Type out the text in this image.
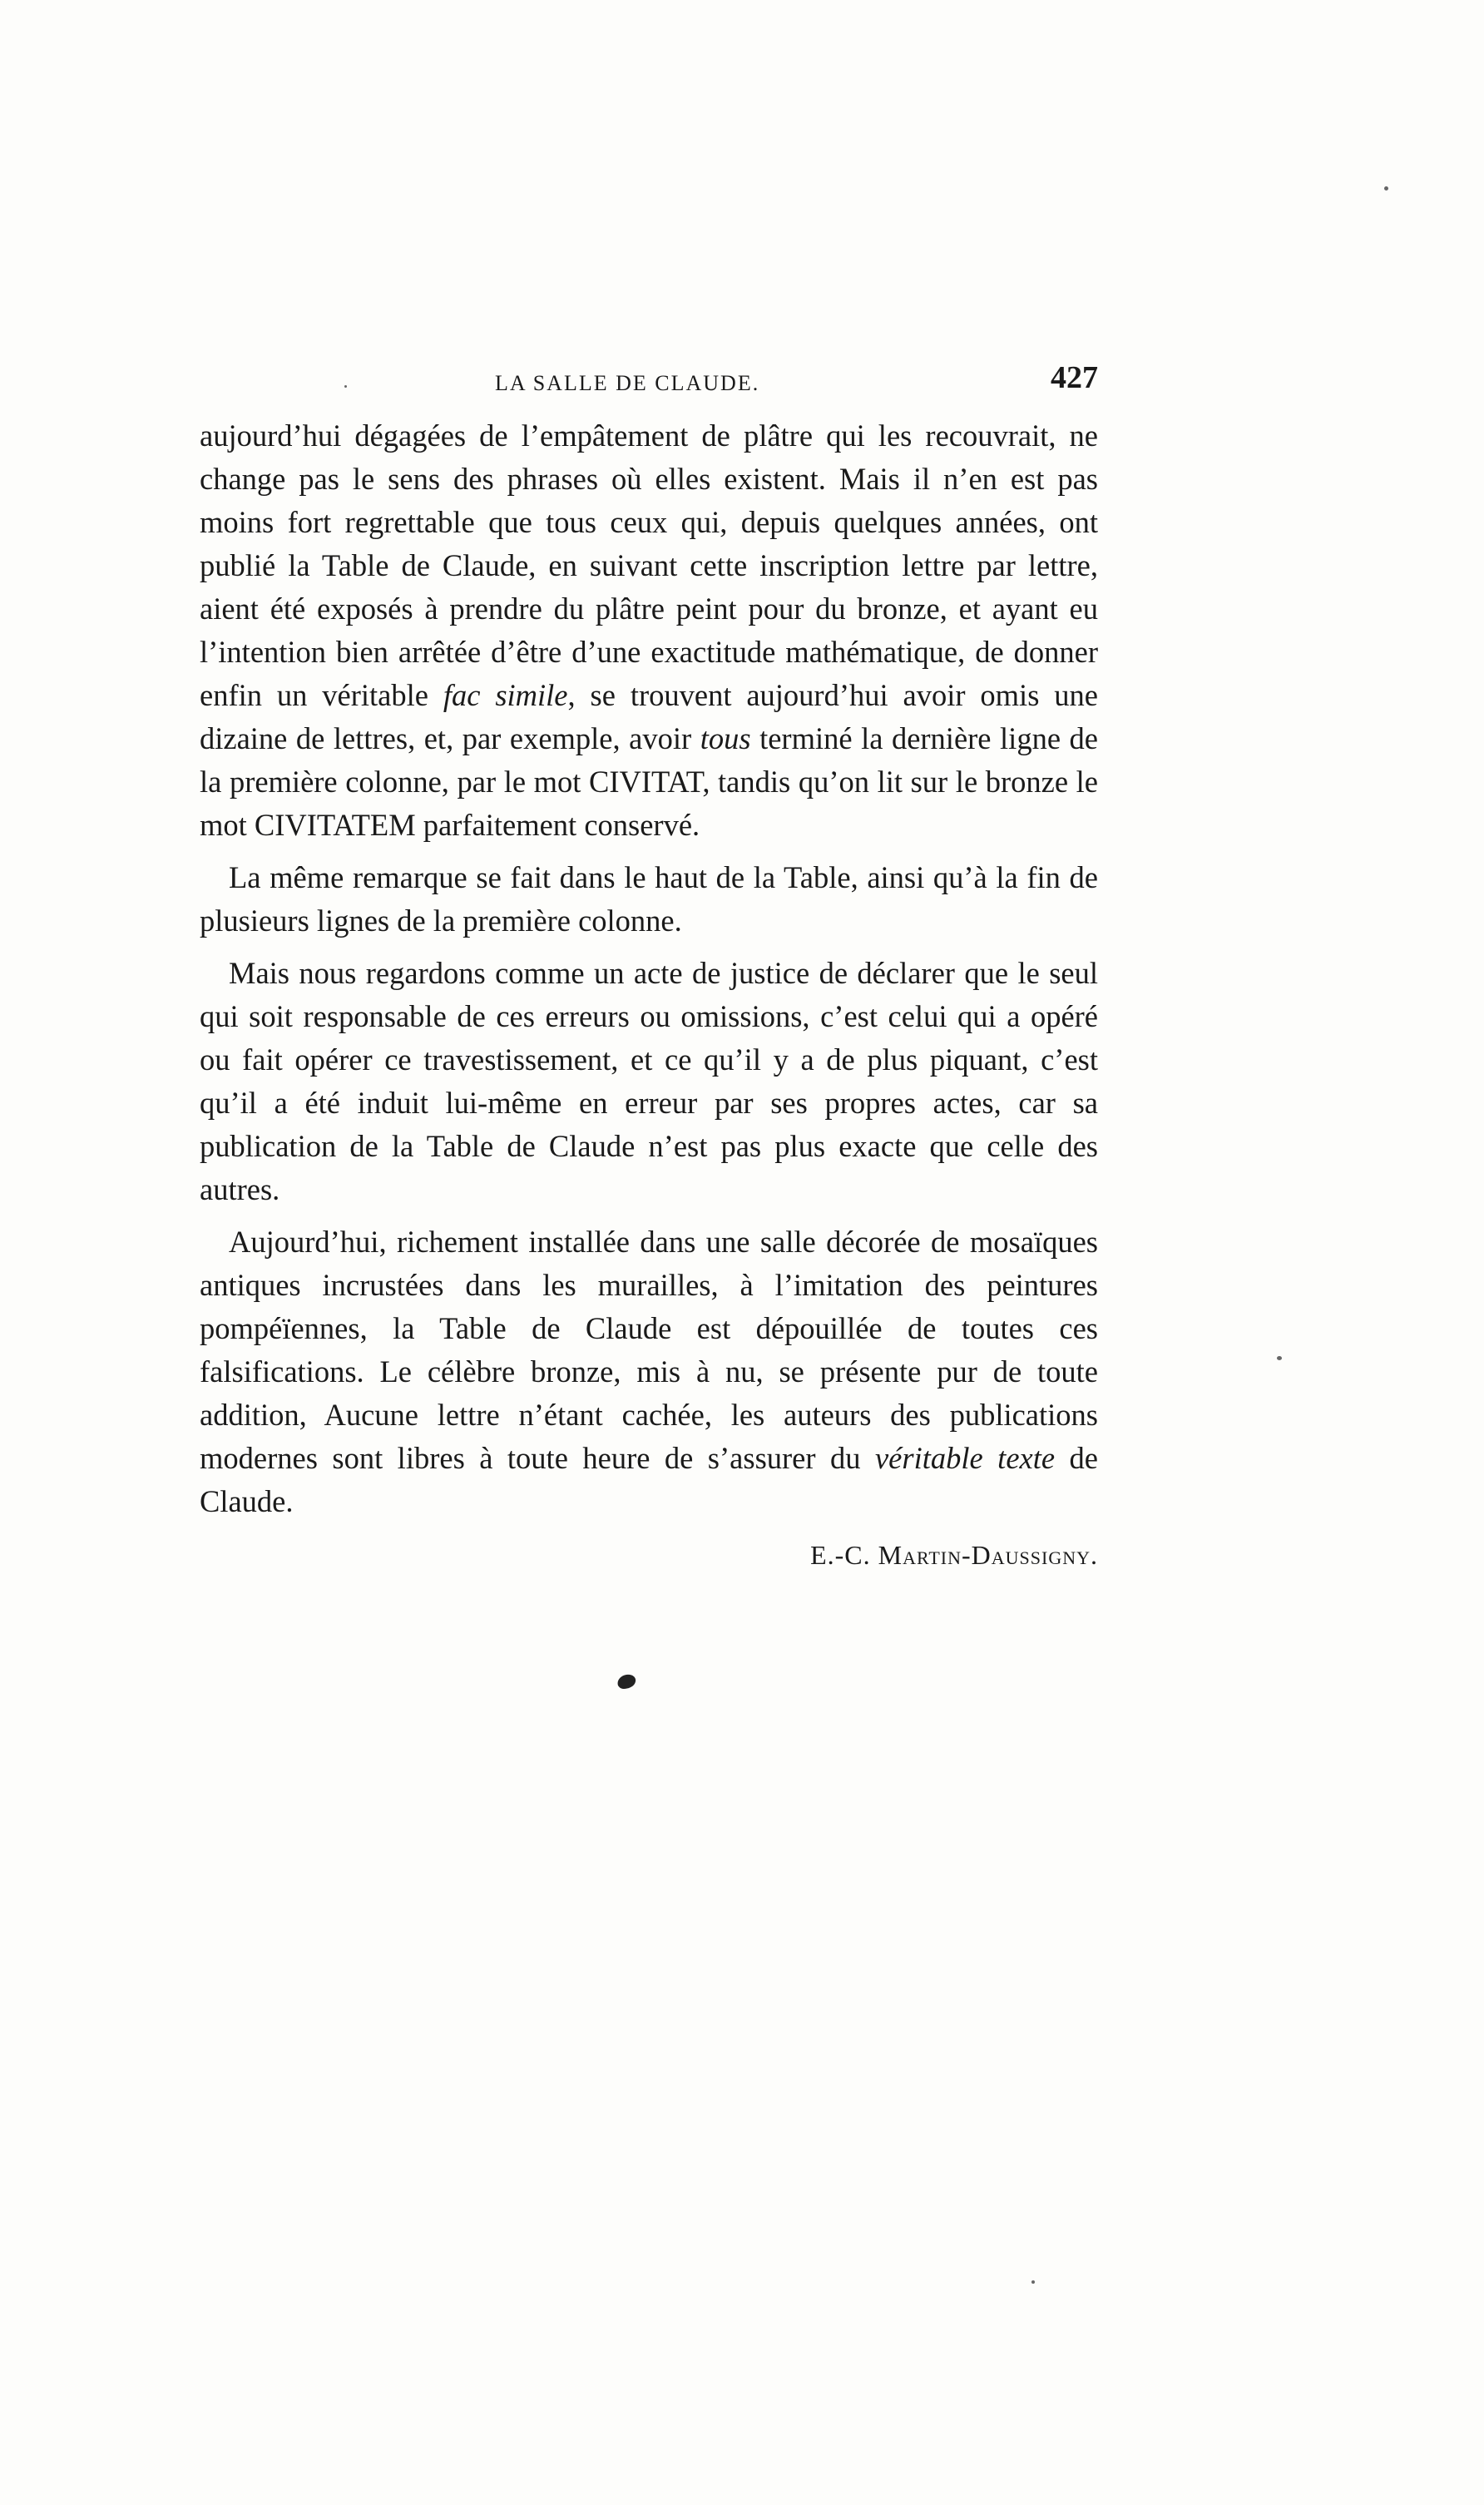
LA SALLE DE CLAUDE.	427

aujourd’hui dégagées de l’empâtement de plâtre qui les recouvrait, ne change pas le sens des phrases où elles existent. Mais il n’en est pas moins fort regrettable que tous ceux qui, depuis quelques années, ont publié la Table de Claude, en suivant cette inscription lettre par lettre, aient été exposés à prendre du plâtre peint pour du bronze, et ayant eu l’intention bien arrêtée d’être d’une exactitude mathématique, de donner enfin un véritable fac simile, se trouvent aujourd’hui avoir omis une dizaine de lettres, et, par exemple, avoir tous terminé la dernière ligne de la première colonne, par le mot CIVITAT, tandis qu’on lit sur le bronze le mot CIVITATEM parfaitement conservé.

La même remarque se fait dans le haut de la Table, ainsi qu’à la fin de plusieurs lignes de la première colonne.

Mais nous regardons comme un acte de justice de déclarer que le seul qui soit responsable de ces erreurs ou omissions, c’est celui qui a opéré ou fait opérer ce travestissement, et ce qu’il y a de plus piquant, c’est qu’il a été induit lui-même en erreur par ses propres actes, car sa publication de la Table de Claude n’est pas plus exacte que celle des autres.

Aujourd’hui, richement installée dans une salle décorée de mosaïques antiques incrustées dans les murailles, à l’imitation des peintures pompéïennes, la Table de Claude est dépouillée de toutes ces falsifications. Le célèbre bronze, mis à nu, se présente pur de toute addition, Aucune lettre n’étant cachée, les auteurs des publications modernes sont libres à toute heure de s’assurer du véritable texte de Claude.

E.-C. Martin-Daussigny.
